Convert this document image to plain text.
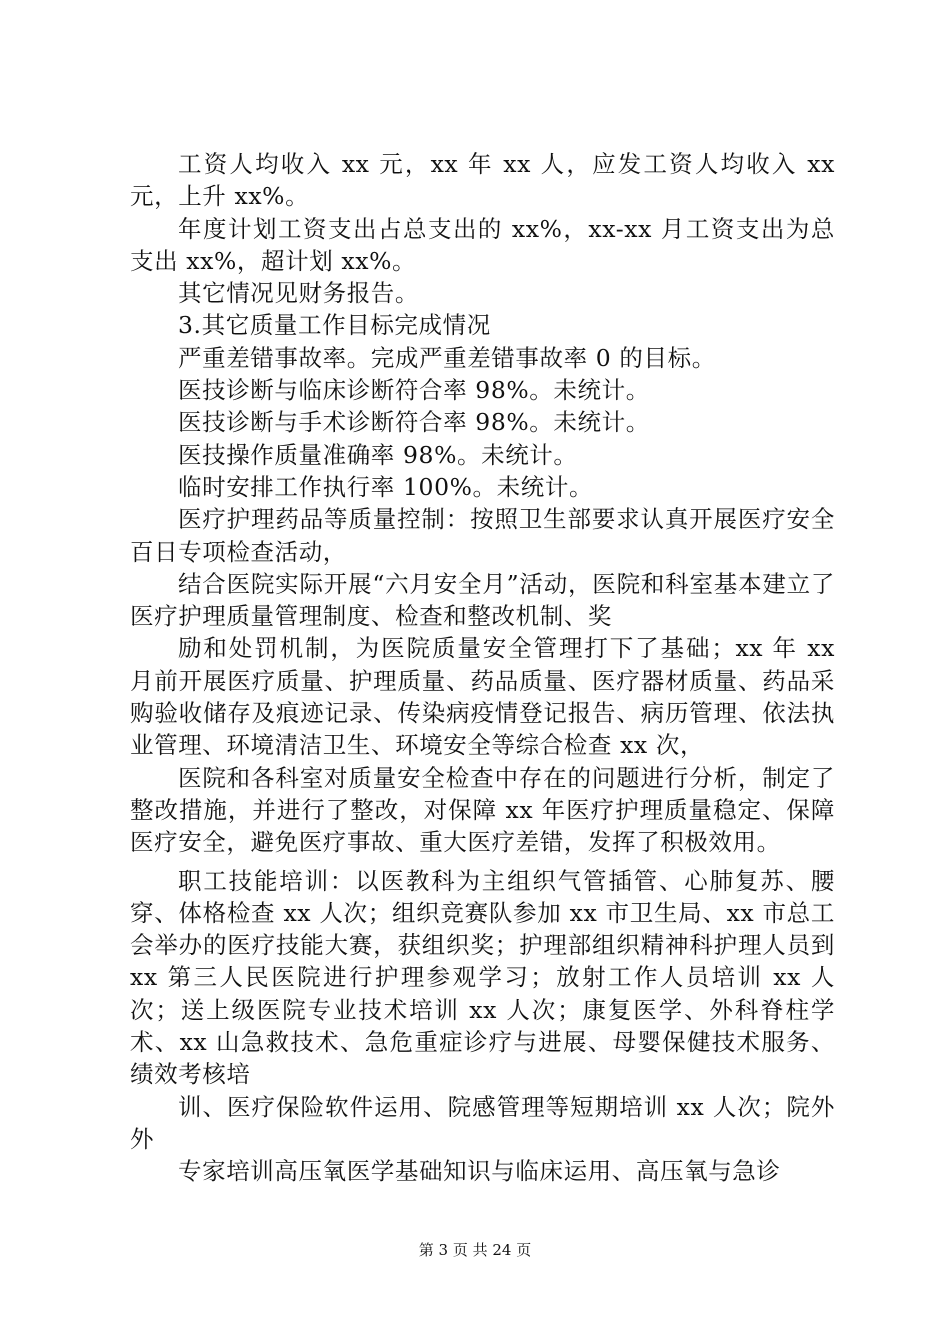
工资人均收入 xx 元，xx 年 xx 人，应发工资人均收入 xx 元，上升 xx%。

年度计划工资支出占总支出的 xx%，xx-xx 月工资支出为总支出 xx%，超计划 xx%。

其它情况见财务报告。

3.其它质量工作目标完成情况

严重差错事故率。完成严重差错事故率 0 的目标。

医技诊断与临床诊断符合率 98%。未统计。

医技诊断与手术诊断符合率 98%。未统计。

医技操作质量准确率 98%。未统计。

临时安排工作执行率 100%。未统计。

医疗护理药品等质量控制：按照卫生部要求认真开展医疗安全百日专项检查活动，

结合医院实际开展“六月安全月”活动，医院和科室基本建立了医疗护理质量管理制度、检查和整改机制、奖

励和处罚机制，为医院质量安全管理打下了基础；xx 年 xx 月前开展医疗质量、护理质量、药品质量、医疗器材质量、药品采购验收储存及痕迹记录、传染病疫情登记报告、病历管理、依法执业管理、环境清洁卫生、环境安全等综合检查 xx 次，

医院和各科室对质量安全检查中存在的问题进行分析，制定了整改措施，并进行了整改，对保障 xx 年医疗护理质量稳定、保障医疗安全，避免医疗事故、重大医疗差错，发挥了积极效用。

职工技能培训：以医教科为主组织气管插管、心肺复苏、腰穿、体格检查 xx 人次；组织竞赛队参加 xx 市卫生局、xx 市总工会举办的医疗技能大赛，获组织奖；护理部组织精神科护理人员到 xx 第三人民医院进行护理参观学习；放射工作人员培训 xx 人次；送上级医院专业技术培训 xx 人次；康复医学、外科脊柱学术、xx 山急救技术、急危重症诊疗与进展、母婴保健技术服务、绩效考核培

训、医疗保险软件运用、院感管理等短期培训 xx 人次；院外外

专家培训高压氧医学基础知识与临床运用、高压氧与急诊

第 3 页 共 24 页
